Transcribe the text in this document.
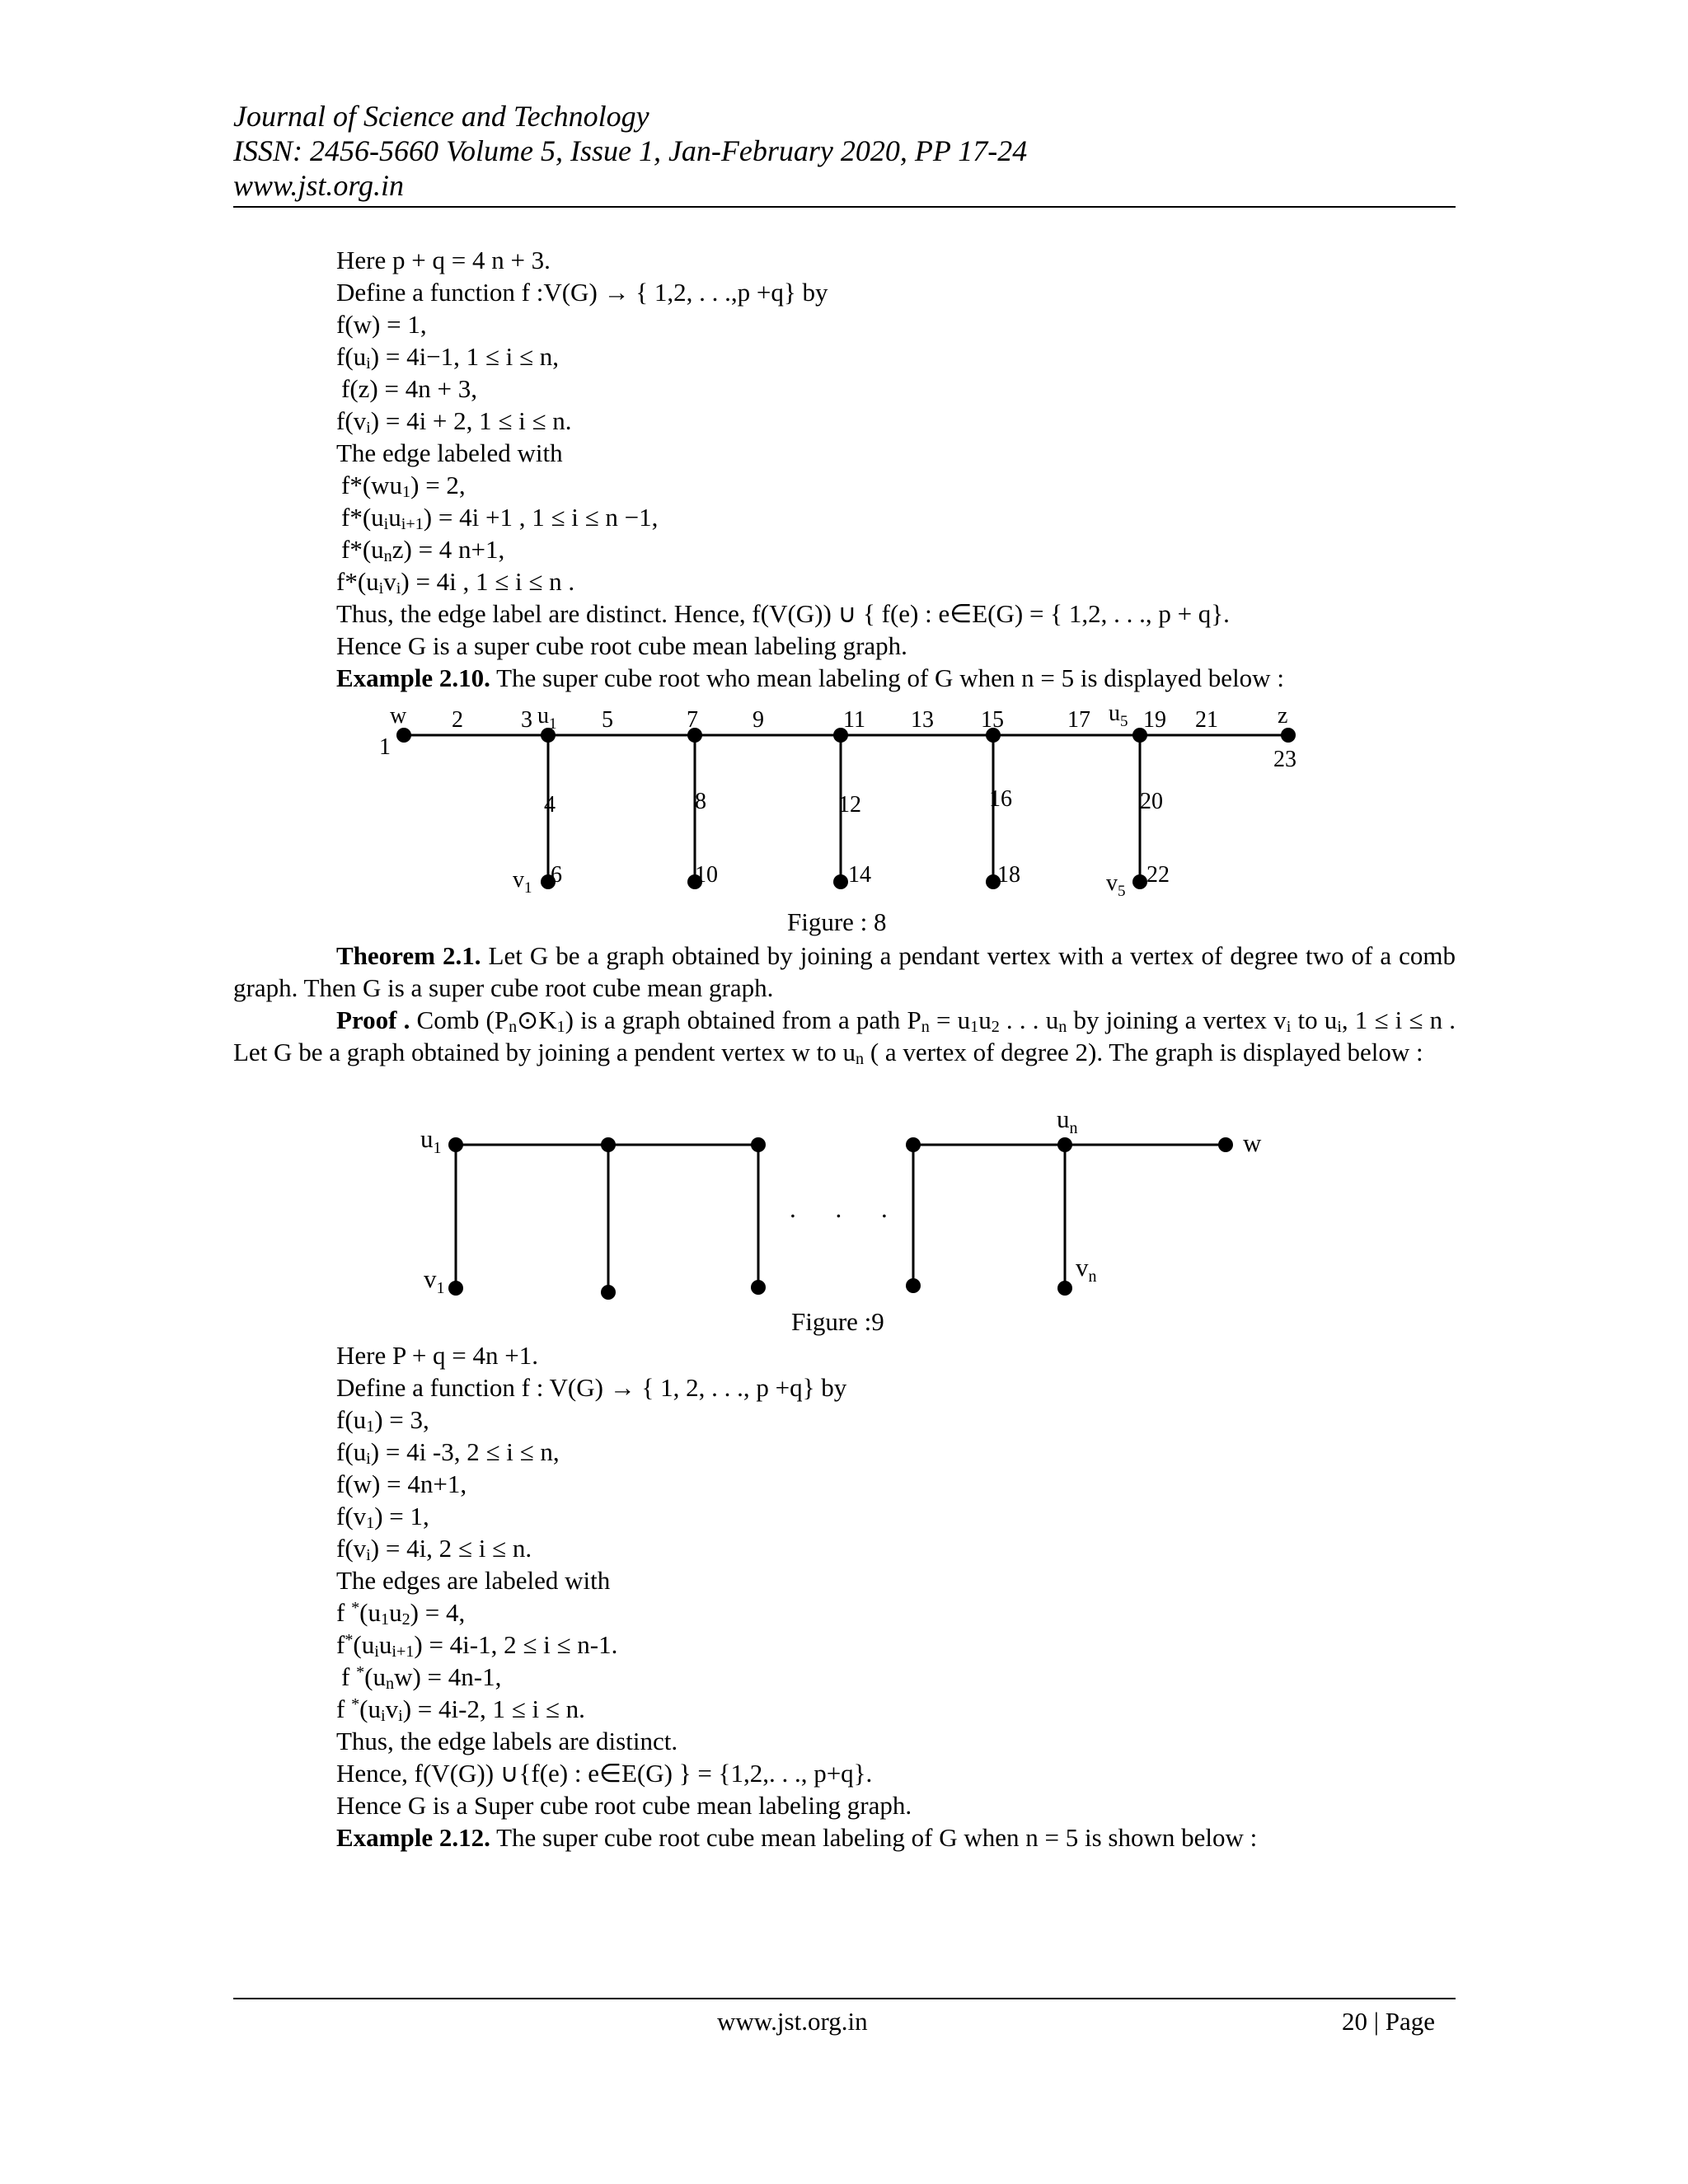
Journal of Science and Technology
ISSN: 2456-5660 Volume 5, Issue 1, Jan-February 2020, PP 17-24
www.jst.org.in
Here p + q = 4 n + 3.
Define a function f :V(G) → { 1,2, . . .,p +q} by
f(w) = 1,
$f(u_i) = 4i-1$, 1 ≤ i ≤ n,
f(z) = 4n + 3,
$f(v_i) = 4i + 2$, 1 ≤ i ≤ n.
The edge labeled with
$f*(wu_1) = 2$,
$f*(u_iu_{i+1}) = 4i +1$ , 1 ≤ i ≤ n −1,
$f*(u_nz) = 4$ n+1,
$f*(u_iv_i) = 4i$ , 1 ≤ i ≤ n .
Thus, the edge label are distinct. Hence, f(V(G)) ∪ { f(e) : e∈E(G) = { 1,2, . . ., p + q}.
Hence G is a super cube root cube mean labeling graph.
Example 2.10. The super cube root who mean labeling of G when n = 5 is displayed below :
w	$u_1$	$u_5$	z
$v_1$	$v_5$
2	3	5	7 9	11 13 15	17 19 21
1	23
4	8	12	16	20
6	10	14	18	22
Figure : 8
Theorem 2.1. Let G be a graph obtained by joining a pendant vertex with a vertex of degree two of a comb graph. Then G is a super cube root cube mean graph.
Proof . Comb $(P_n⊙K_1)$ is a graph obtained from a path $P_n = u_1u_2$ . . . $u_n$ by joining a vertex $v_i$ to $u_i$, 1 ≤ i ≤ n . Let G be a graph obtained by joining a pendent vertex w to $u_n$ ( a vertex of degree 2). The graph is displayed below :
$u_1$
$v_1$
$u_n$
$v_n$
w
. . .
Figure :9
Here P + q = 4n +1.
Define a function f : V(G) → { 1, 2, . . ., p +q} by
$f(u_1) = 3$,
$f(u_i) = 4i$ -3, 2 ≤ i ≤ n,
f(w) = 4n+1,
$f(v_1) = 1$,
$f(v_i) = 4i$, 2 ≤ i ≤ n.
The edges are labeled with
f $^*(u_1u_2) = 4$,
$f^*(u_iu_{i+1}) = 4i-1$, 2 ≤ i ≤ n-1.
f $^*(u_nw) = 4n-1$,
f $^*(u_iv_i) = 4i-2$, 1 ≤ i ≤ n.
Thus, the edge labels are distinct.
Hence, f(V(G)) ∪{f(e) : e∈E(G) } = {1,2,. . ., p+q}.
Hence G is a Super cube root cube mean labeling graph.
Example 2.12. The super cube root cube mean labeling of G when n = 5 is shown below :
www.jst.org.in	20 | Page
